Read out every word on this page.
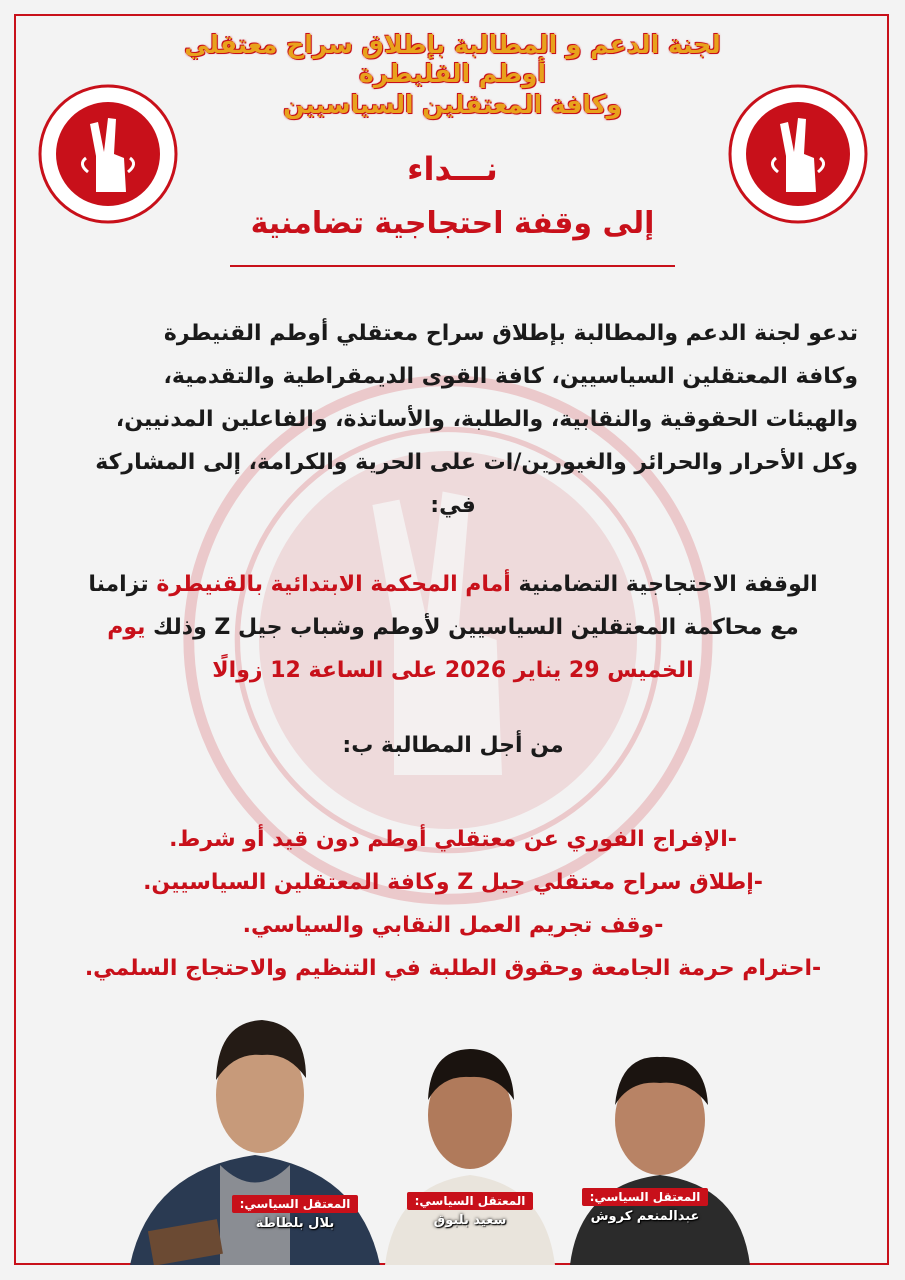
لجنة الدعم و المطالبة بإطلاق سراح معتقلي أوطم القليطرة
وكافة المعتقلين السياسيين
نـــداء
إلى وقفة احتجاجية تضامنية
تدعو لجنة الدعم والمطالبة بإطلاق سراح معتقلي أوطم القنيطرة
وكافة المعتقلين السياسيين، كافة القوى الديمقراطية والتقدمية،
والهيئات الحقوقية والنقابية، والطلبة، والأساتذة، والفاعلين المدنيين،
وكل الأحرار والحرائر والغيورين/ات على الحرية والكرامة، إلى المشاركة
في:
الوقفة الاحتجاجية التضامنية أمام المحكمة الابتدائية بالقنيطرة تزامنا
مع محاكمة المعتقلين السياسيين لأوطم وشباب جيل Z وذلك يوم
الخميس 29 يناير 2026 على الساعة 12 زوالًا
من أجل المطالبة ب:
-الإفراج الفوري عن معتقلي أوطم دون قيد أو شرط.
-إطلاق سراح معتقلي جيل Z وكافة المعتقلين السياسيين.
-وقف تجريم العمل النقابي والسياسي.
-احترام حرمة الجامعة وحقوق الطلبة في التنظيم والاحتجاج السلمي.
المعتقل السياسي:
عبدالمنعم كروش
المعتقل السياسي:
سعيد بلبوق
المعتقل السياسي:
بلال بلطاطة
